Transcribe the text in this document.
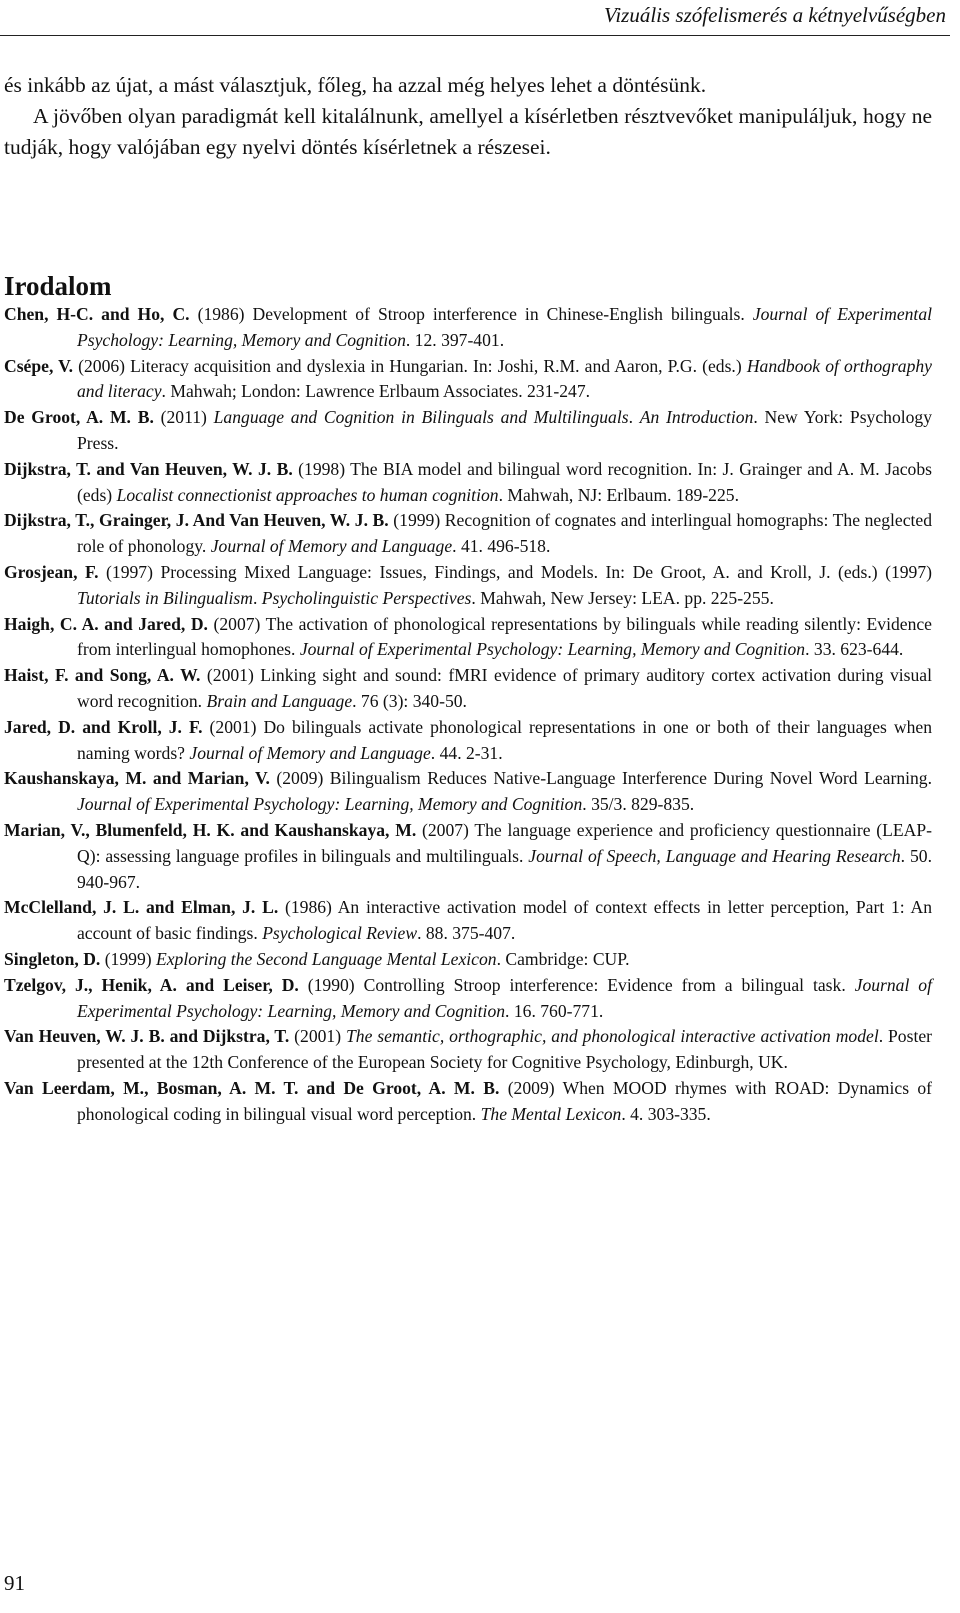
Vizuális szófelismerés a kétnyelvűségben

és inkább az újat, a mást választjuk, főleg, ha azzal még helyes lehet a döntésünk.

A jövőben olyan paradigmát kell kitalálnunk, amellyel a kísérletben résztvevőket manipuláljuk, hogy ne tudják, hogy valójában egy nyelvi döntés kísérletnek a részesei.

Irodalom
Chen, H-C. and Ho, C. (1986) Development of Stroop interference in Chinese-English bilinguals. Journal of Experimental Psychology: Learning, Memory and Cognition. 12. 397-401.
Csépe, V. (2006) Literacy acquisition and dyslexia in Hungarian. In: Joshi, R.M. and Aaron, P.G. (eds.) Handbook of orthography and literacy. Mahwah; London: Lawrence Erlbaum Associates. 231-247.
De Groot, A. M. B. (2011) Language and Cognition in Bilinguals and Multilinguals. An Introduction. New York: Psychology Press.
Dijkstra, T. and Van Heuven, W. J. B. (1998) The BIA model and bilingual word recognition. In: J. Grainger and A. M. Jacobs (eds) Localist connectionist approaches to human cognition. Mahwah, NJ: Erlbaum. 189-225.
Dijkstra, T., Grainger, J. And Van Heuven, W. J. B. (1999) Recognition of cognates and interlingual homographs: The neglected role of phonology. Journal of Memory and Language. 41. 496-518.
Grosjean, F. (1997) Processing Mixed Language: Issues, Findings, and Models. In: De Groot, A. and Kroll, J. (eds.) (1997) Tutorials in Bilingualism. Psycholinguistic Perspectives. Mahwah, New Jersey: LEA. pp. 225-255.
Haigh, C. A. and Jared, D. (2007) The activation of phonological representations by bilinguals while reading silently: Evidence from interlingual homophones. Journal of Experimental Psychology: Learning, Memory and Cognition. 33. 623-644.
Haist, F. and Song, A. W. (2001) Linking sight and sound: fMRI evidence of primary auditory cortex activation during visual word recognition. Brain and Language. 76 (3): 340-50.
Jared, D. and Kroll, J. F. (2001) Do bilinguals activate phonological representations in one or both of their languages when naming words? Journal of Memory and Language. 44. 2-31.
Kaushanskaya, M. and Marian, V. (2009) Bilingualism Reduces Native-Language Interference During Novel Word Learning. Journal of Experimental Psychology: Learning, Memory and Cognition. 35/3. 829-835.
Marian, V., Blumenfeld, H. K. and Kaushanskaya, M. (2007) The language experience and proficiency questionnaire (LEAP-Q): assessing language profiles in bilinguals and multilinguals. Journal of Speech, Language and Hearing Research. 50. 940-967.
McClelland, J. L. and Elman, J. L. (1986) An interactive activation model of context effects in letter perception, Part 1: An account of basic findings. Psychological Review. 88. 375-407.
Singleton, D. (1999) Exploring the Second Language Mental Lexicon. Cambridge: CUP.
Tzelgov, J., Henik, A. and Leiser, D. (1990) Controlling Stroop interference: Evidence from a bilingual task. Journal of Experimental Psychology: Learning, Memory and Cognition. 16. 760-771.
Van Heuven, W. J. B. and Dijkstra, T. (2001) The semantic, orthographic, and phonological interactive activation model. Poster presented at the 12th Conference of the European Society for Cognitive Psychology, Edinburgh, UK.
Van Leerdam, M., Bosman, A. M. T. and De Groot, A. M. B. (2009) When MOOD rhymes with ROAD: Dynamics of phonological coding in bilingual visual word perception. The Mental Lexicon. 4. 303-335.
91
